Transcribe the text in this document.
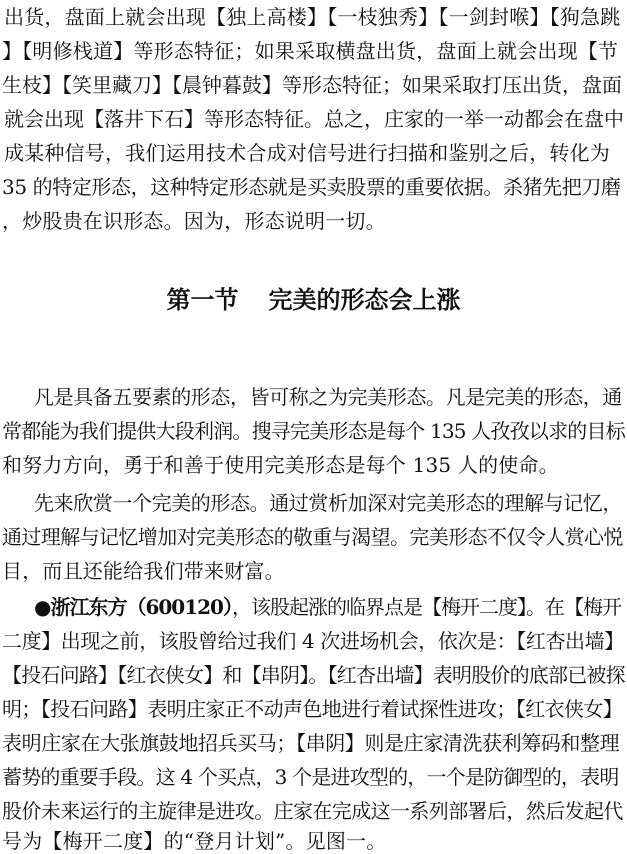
出货，盘面上就会出现【独上高楼】【一枝独秀】【一剑封喉】【狗急跳
】【明修栈道】等形态特征；如果采取横盘出货，盘面上就会出现【节
生枝】【笑里藏刀】【晨钟暮鼓】等形态特征；如果采取打压出货，盘面
就会出现【落井下石】等形态特征。总之，庄家的一举一动都会在盘中
成某种信号，我们运用技术合成对信号进行扫描和鉴别之后，转化为
35 的特定形态，这种特定形态就是买卖股票的重要依据。杀猪先把刀磨
，炒股贵在识形态。因为，形态说明一切。
第一节 完美的形态会上涨
凡是具备五要素的形态，皆可称之为完美形态。凡是完美的形态，通
常都能为我们提供大段利润。搜寻完美形态是每个 135 人孜孜以求的目标
和努力方向，勇于和善于使用完美形态是每个 135 人的使命。
先来欣赏一个完美的形态。通过赏析加深对完美形态的理解与记忆，
通过理解与记忆增加对完美形态的敬重与渴望。完美形态不仅令人赏心悦
目，而且还能给我们带来财富。
●浙江东方（600120），该股起涨的临界点是【梅开二度】。在【梅开
二度】出现之前，该股曾给过我们 4 次进场机会，依次是：【红杏出墙】
【投石问路】【红衣侠女】和【串阴】。【红杏出墙】表明股价的底部已被探
明；【投石问路】表明庄家正不动声色地进行着试探性进攻；【红衣侠女】
表明庄家在大张旗鼓地招兵买马；【串阴】则是庄家清洗获利筹码和整理
蓄势的重要手段。这 4 个买点，3 个是进攻型的，一个是防御型的，表明
股价未来运行的主旋律是进攻。庄家在完成这一系列部署后，然后发起代
号为【梅开二度】的“登月计划”。见图一。
